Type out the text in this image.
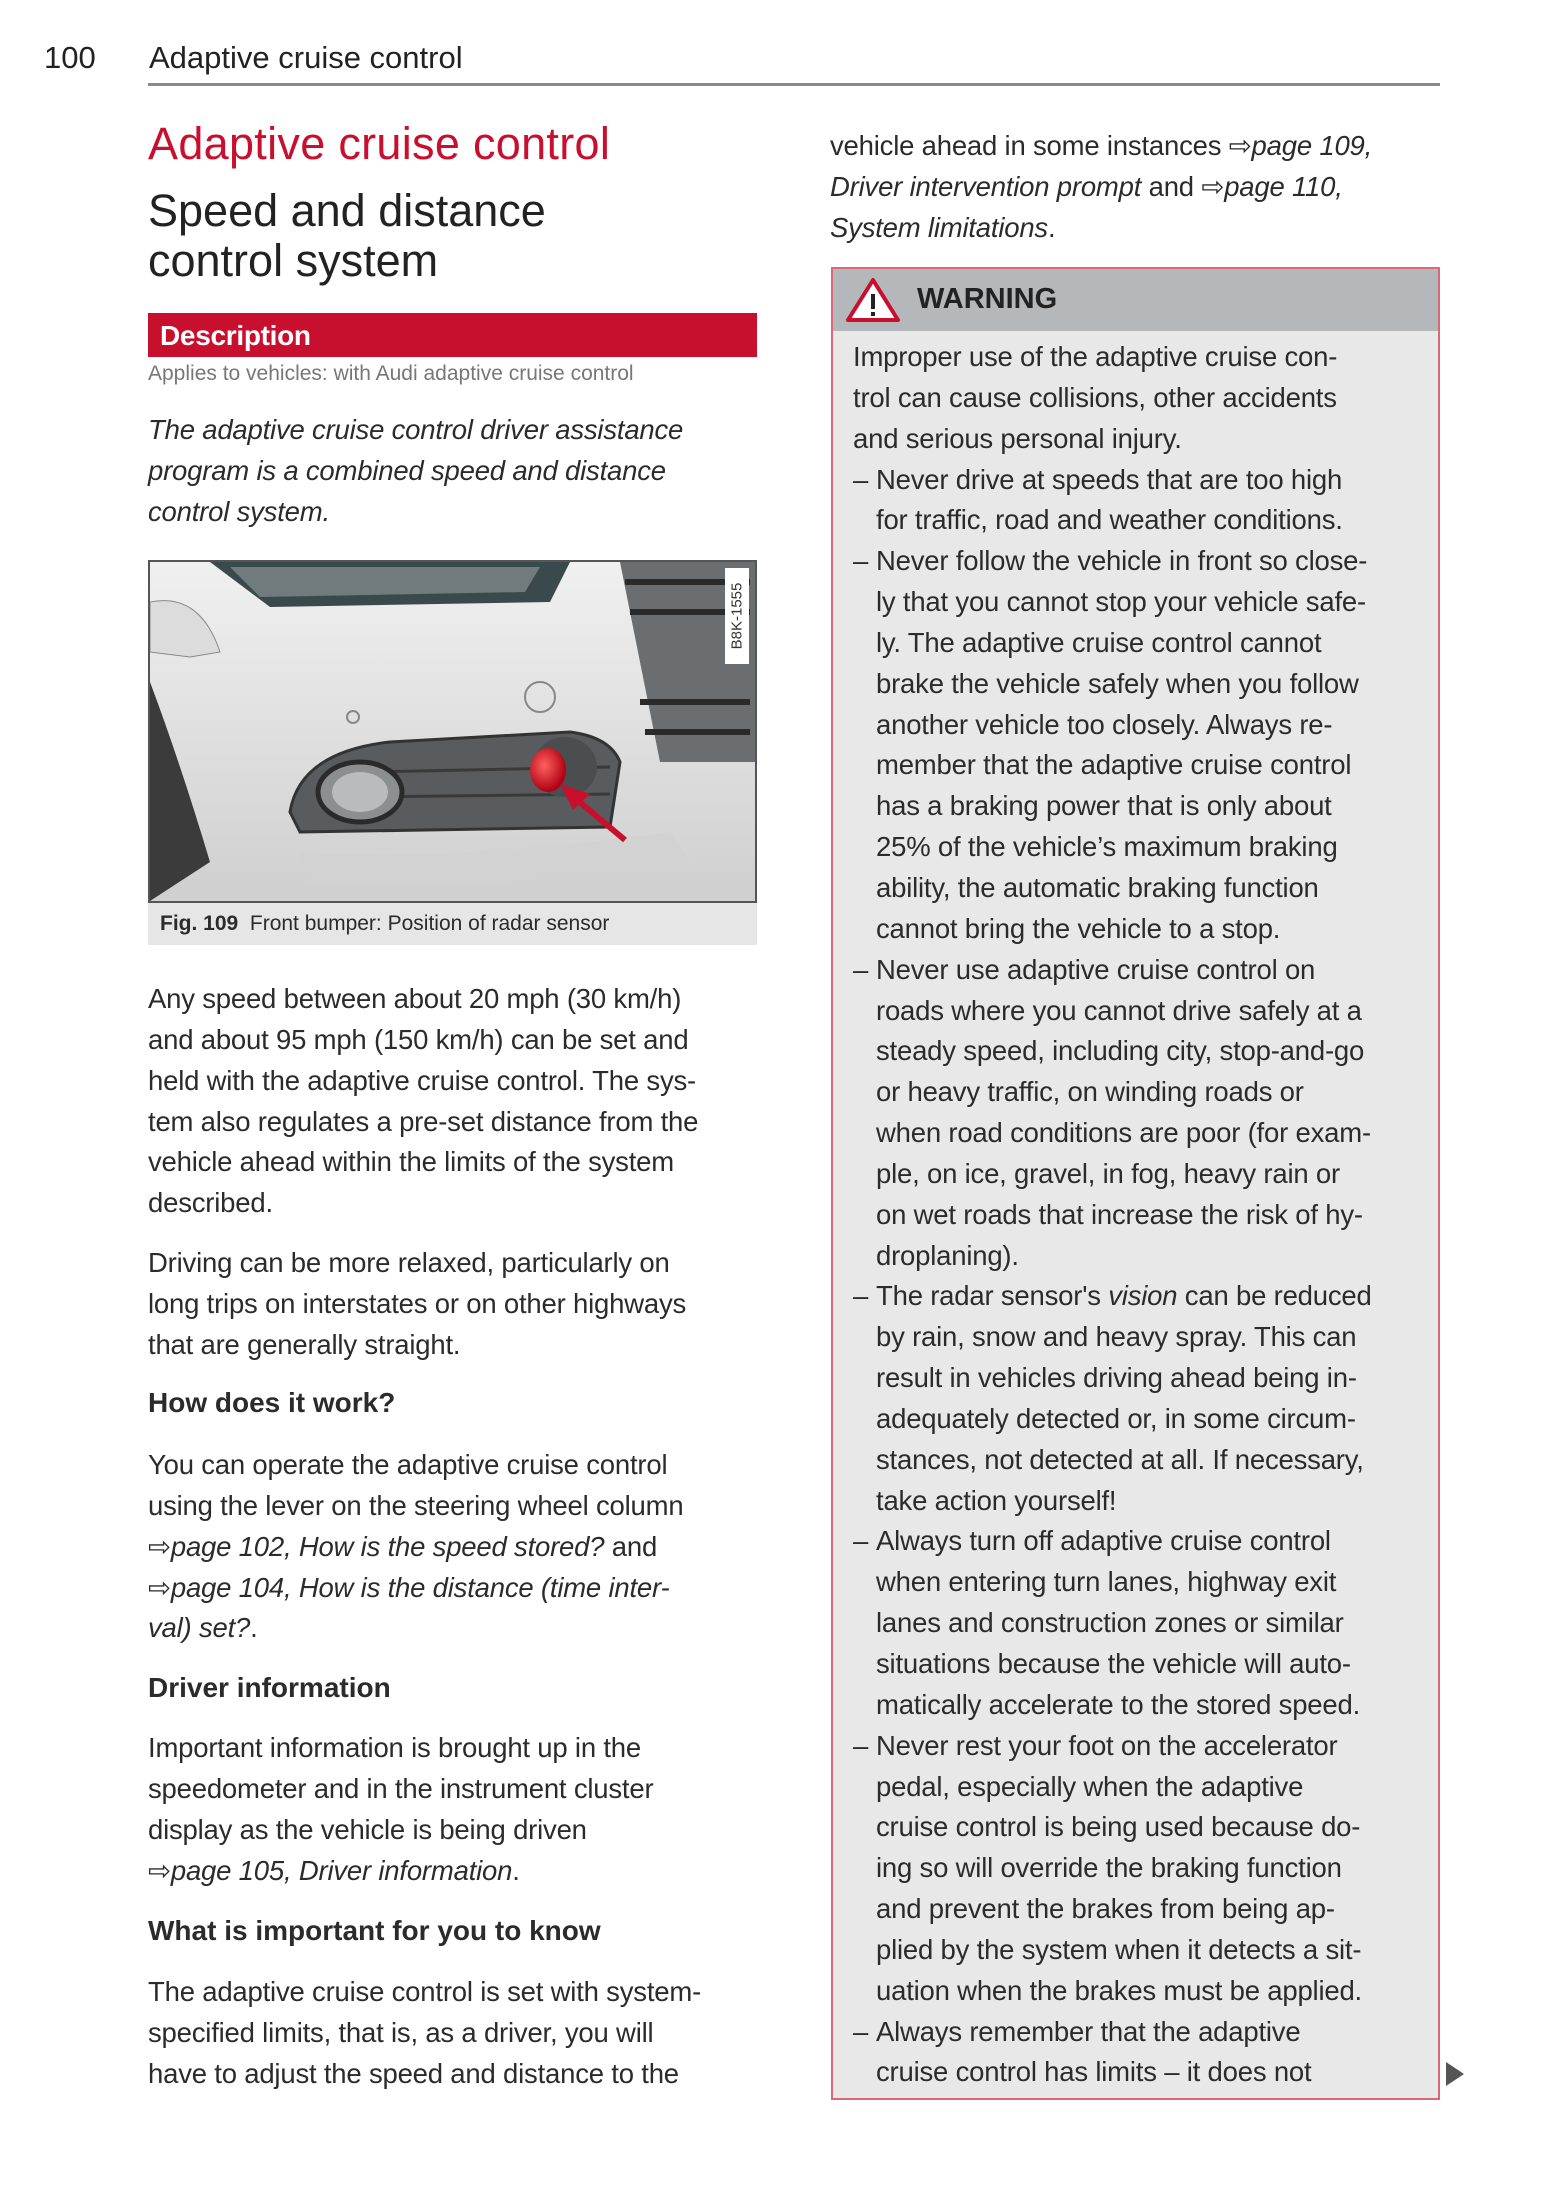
100 Adaptive cruise control
Adaptive cruise control
Speed and distance
control system
Description
Applies to vehicles: with Audi adaptive cruise control
The adaptive cruise control driver assistance
program is a combined speed and distance
control system.
B8K-1555
Fig. 109 Front bumper: Position of radar sensor
Any speed between about 20 mph (30 km/h)
and about 95 mph (150 km/h) can be set and
held with the adaptive cruise control. The sys-
tem also regulates a pre-set distance from the
vehicle ahead within the limits of the system
described.
Driving can be more relaxed, particularly on
long trips on interstates or on other highways
that are generally straight.
How does it work?
You can operate the adaptive cruise control
using the lever on the steering wheel column
⇨page 102, How is the speed stored? and
⇨page 104, How is the distance (time inter-
val) set?.
Driver information
Important information is brought up in the
speedometer and in the instrument cluster
display as the vehicle is being driven
⇨page 105, Driver information.
What is important for you to know
The adaptive cruise control is set with system-
specified limits, that is, as a driver, you will
have to adjust the speed and distance to the
vehicle ahead in some instances ⇨page 109,
Driver intervention prompt and ⇨page 110,
System limitations.
WARNING
Improper use of the adaptive cruise con-
trol can cause collisions, other accidents
and serious personal injury.
– Never drive at speeds that are too high
for traffic, road and weather conditions.
– Never follow the vehicle in front so close-
ly that you cannot stop your vehicle safe-
ly. The adaptive cruise control cannot
brake the vehicle safely when you follow
another vehicle too closely. Always re-
member that the adaptive cruise control
has a braking power that is only about
25% of the vehicle’s maximum braking
ability, the automatic braking function
cannot bring the vehicle to a stop.
– Never use adaptive cruise control on
roads where you cannot drive safely at a
steady speed, including city, stop-and-go
or heavy traffic, on winding roads or
when road conditions are poor (for exam-
ple, on ice, gravel, in fog, heavy rain or
on wet roads that increase the risk of hy-
droplaning).
– The radar sensor's vision can be reduced
by rain, snow and heavy spray. This can
result in vehicles driving ahead being in-
adequately detected or, in some circum-
stances, not detected at all. If necessary,
take action yourself!
– Always turn off adaptive cruise control
when entering turn lanes, highway exit
lanes and construction zones or similar
situations because the vehicle will auto-
matically accelerate to the stored speed.
– Never rest your foot on the accelerator
pedal, especially when the adaptive
cruise control is being used because do-
ing so will override the braking function
and prevent the brakes from being ap-
plied by the system when it detects a sit-
uation when the brakes must be applied.
– Always remember that the adaptive
cruise control has limits – it does not
